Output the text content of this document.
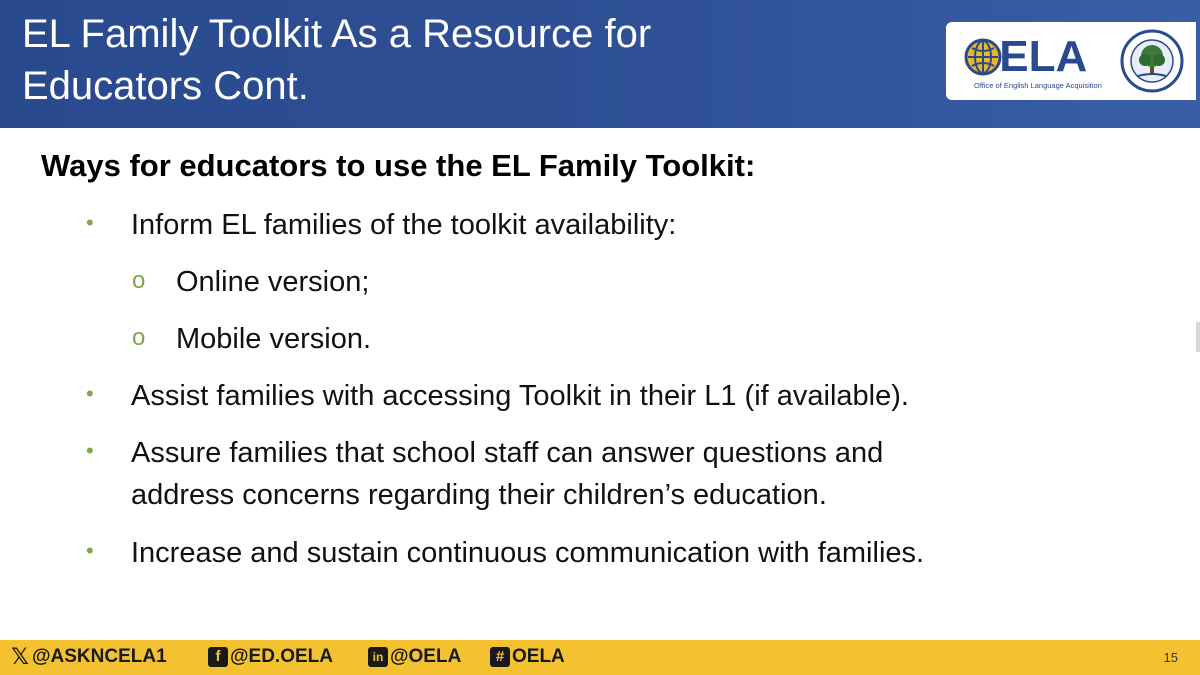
EL Family Toolkit As a Resource for
Educators Cont.
ELA
Office of English Language Acquisition
Ways for educators to use the EL Family Toolkit:
• Inform EL families of the toolkit availability:
o Online version;
o Mobile version.
• Assist families with accessing Toolkit in their L1 (if available).
• Assure families that school staff can answer questions and
address concerns regarding their children’s education.
• Increase and sustain continuous communication with families.
𝕏 @ASKNCELA1	f @ED.OELA	in @OELA	# OELA	15
